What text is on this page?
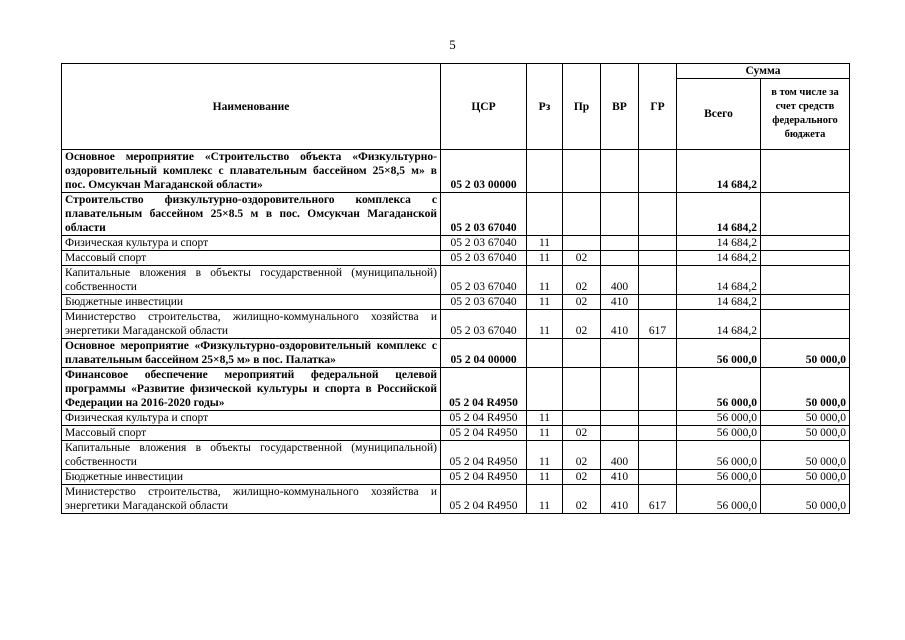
5
Наименование	ЦСР	Рз	Пр	ВР	ГР	Сумма	
						Всего	в том числе за счет средств федерального бюджета
Основное мероприятие «Строительство объекта «Физкультурно-оздоровительный комплекс с плавательным бассейном 25×8,5 м» в пос. Омсукчан Магаданской области»	05 2 03 00000					14 684,2	
Строительство физкультурно-оздоровительного комплекса с плавательным бассейном 25×8.5 м в пос. Омсукчан Магаданской области	05 2 03 67040					14 684,2	
Физическая культура и спорт	05 2 03 67040	11				14 684,2	
Массовый спорт	05 2 03 67040	11	02			14 684,2	
Капитальные вложения в объекты государственной (муниципальной) собственности	05 2 03 67040	11	02	400		14 684,2	
Бюджетные инвестиции	05 2 03 67040	11	02	410		14 684,2	
Министерство строительства, жилищно-коммунального хозяйства и энергетики Магаданской области	05 2 03 67040	11	02	410	617	14 684,2	
Основное мероприятие «Физкультурно-оздоровительный комплекс с плавательным бассейном 25×8,5 м» в пос. Палатка»	05 2 04 00000					56 000,0	50 000,0
Финансовое обеспечение мероприятий федеральной целевой программы «Развитие физической культуры и спорта в Российской Федерации на 2016-2020 годы»	05 2 04 R4950					56 000,0	50 000,0
Физическая культура и спорт	05 2 04 R4950	11				56 000,0	50 000,0
Массовый спорт	05 2 04 R4950	11	02			56 000,0	50 000,0
Капитальные вложения в объекты государственной (муниципальной) собственности	05 2 04 R4950	11	02	400		56 000,0	50 000,0
Бюджетные инвестиции	05 2 04 R4950	11	02	410		56 000,0	50 000,0
Министерство строительства, жилищно-коммунального хозяйства и энергетики Магаданской области	05 2 04 R4950	11	02	410	617	56 000,0	50 000,0
